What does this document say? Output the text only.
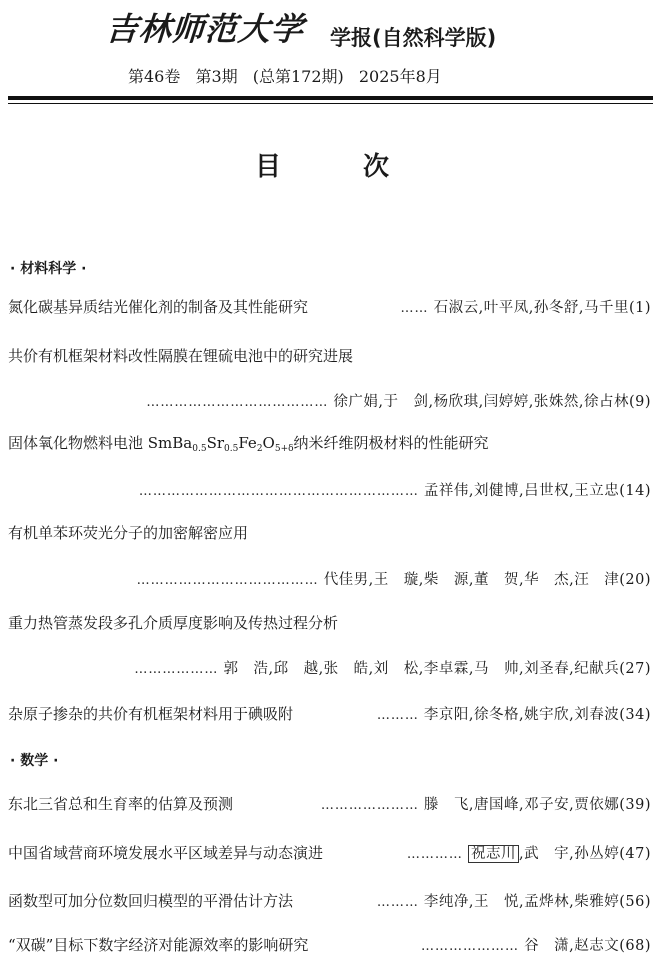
吉林师范大学 学报(自然科学版)
第46卷 第3期 (总第172期) 2025年8月
目次
· 材料科学 ·
氮化碳基异质结光催化剂的制备及其性能研究	…… 石淑云,叶平凤,孙冬舒,马千里(1)
共价有机框架材料改性隔膜在锂硫电池中的研究进展
………………………………… 徐广娟,于　剑,杨欣琪,闫婷婷,张姝然,徐占林(9)
固体氧化物燃料电池 $SmBa_{0.5}Sr_{0.5}Fe_2O_{5+\delta}$纳米纤维阴极材料的性能研究
…………………………………………………… 孟祥伟,刘健博,吕世权,王立忠(14)
有机单苯环荧光分子的加密解密应用
………………………………… 代佳男,王　璇,柴　源,董　贺,华　杰,汪　津(20)
重力热管蒸发段多孔介质厚度影响及传热过程分析
……………… 郭　浩,邱　越,张　皓,刘　松,李卓霖,马　帅,刘圣春,纪献兵(27)
杂原子掺杂的共价有机框架材料用于碘吸附	……… 李京阳,徐冬格,姚宇欣,刘春波(34)
· 数学 ·
东北三省总和生育率的估算及预测	………………… 滕　飞,唐国峰,邓子安,贾依娜(39)
中国省域营商环境发展水平区域差异与动态演进	………… 祝志川 ,武　宇,孙丛婷(47)
函数型可加分位数回归模型的平滑估计方法	……… 李纯净,王　悦,孟烨林,柴雅婷(56)
“双碳”目标下数字经济对能源效率的影响研究	………………… 谷　潇,赵志文(68)
